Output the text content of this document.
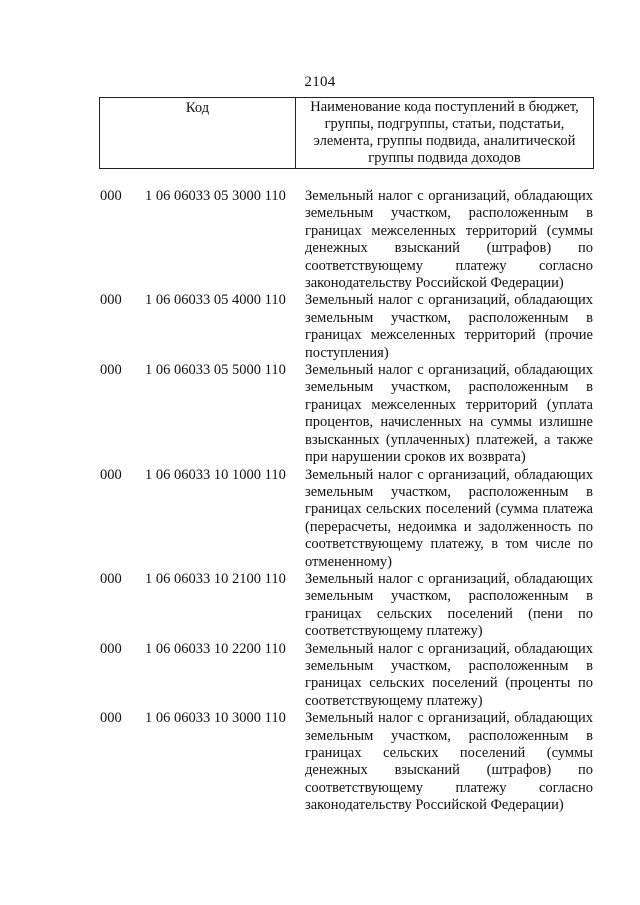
2104
Код	Наименование кода поступлений в бюджет,
группы, подгруппы, статьи, подстатьи,
элемента, группы подвида, аналитической
группы подвида доходов
000	1 06 06033 05 3000 110	Земельный налог с организаций, обладающих
земельным участком, расположенным в
границах межселенных территорий (суммы
денежных взысканий (штрафов) по
соответствующему платежу согласно
законодательству Российской Федерации)
000	1 06 06033 05 4000 110	Земельный налог с организаций, обладающих
земельным участком, расположенным в
границах межселенных территорий (прочие
поступления)
000	1 06 06033 05 5000 110	Земельный налог с организаций, обладающих
земельным участком, расположенным в
границах межселенных территорий (уплата
процентов, начисленных на суммы излишне
взысканных (уплаченных) платежей, а также
при нарушении сроков их возврата)
000	1 06 06033 10 1000 110	Земельный налог с организаций, обладающих
земельным участком, расположенным в
границах сельских поселений (сумма платежа
(перерасчеты, недоимка и задолженность по
соответствующему платежу, в том числе по
отмененному)
000	1 06 06033 10 2100 110	Земельный налог с организаций, обладающих
земельным участком, расположенным в
границах сельских поселений (пени по
соответствующему платежу)
000	1 06 06033 10 2200 110	Земельный налог с организаций, обладающих
земельным участком, расположенным в
границах сельских поселений (проценты по
соответствующему платежу)
000	1 06 06033 10 3000 110	Земельный налог с организаций, обладающих
земельным участком, расположенным в
границах сельских поселений (суммы
денежных взысканий (штрафов) по
соответствующему платежу согласно
законодательству Российской Федерации)
